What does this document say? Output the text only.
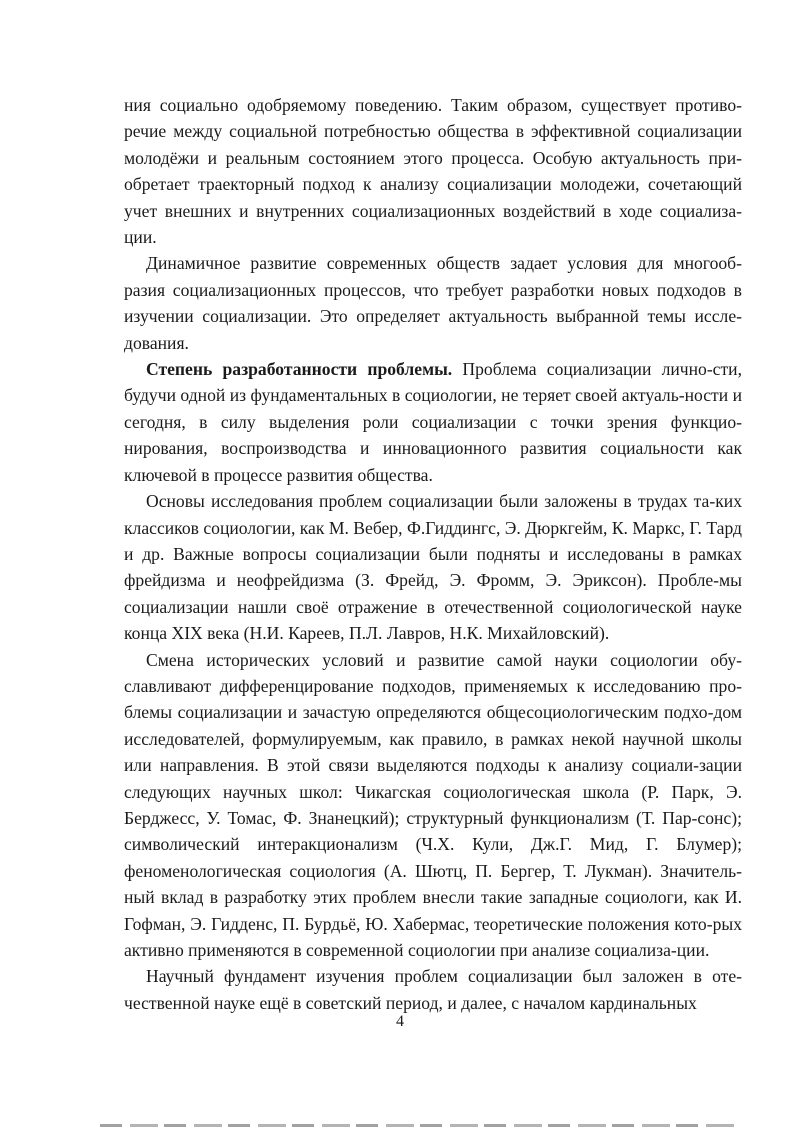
ния социально одобряемому поведению. Таким образом, существует противо-речие между социальной потребностью общества в эффективной социализации молодёжи и реальным состоянием этого процесса. Особую актуальность при-обретает траекторный подход к анализу социализации молодежи, сочетающий учет внешних и внутренних социализационных воздействий в ходе социализа-ции.

Динамичное развитие современных обществ задает условия для многооб-разия социализационных процессов, что требует разработки новых подходов в изучении социализации. Это определяет актуальность выбранной темы иссле-дования.

Степень разработанности проблемы. Проблема социализации лично-сти, будучи одной из фундаментальных в социологии, не теряет своей актуаль-ности и сегодня, в силу выделения роли социализации с точки зрения функцио-нирования, воспроизводства и инновационного развития социальности как ключевой в процессе развития общества.

Основы исследования проблем социализации были заложены в трудах та-ких классиков социологии, как М. Вебер, Ф.Гиддингс, Э. Дюркгейм, К. Маркс, Г. Тард и др. Важные вопросы социализации были подняты и исследованы в рамках фрейдизма и неофрейдизма (З. Фрейд, Э. Фромм, Э. Эриксон). Пробле-мы социализации нашли своё отражение в отечественной социологической науке конца XIX века (Н.И. Кареев, П.Л. Лавров, Н.К. Михайловский).

Смена исторических условий и развитие самой науки социологии обу-славливают дифференцирование подходов, применяемых к исследованию про-блемы социализации и зачастую определяются общесоциологическим подхо-дом исследователей, формулируемым, как правило, в рамках некой научной школы или направления. В этой связи выделяются подходы к анализу социали-зации следующих научных школ: Чикагская социологическая школа (Р. Парк, Э. Берджесс, У. Томас, Ф. Знанецкий); структурный функционализм (Т. Пар-сонс); символический интеракционализм (Ч.Х. Кули, Дж.Г. Мид, Г. Блумер); феноменологическая социология (А. Шютц, П. Бергер, Т. Лукман). Значитель-ный вклад в разработку этих проблем внесли такие западные социологи, как И. Гофман, Э. Гидденс, П. Бурдьё, Ю. Хабермас, теоретические положения кото-рых активно применяются в современной социологии при анализе социализа-ции.

Научный фундамент изучения проблем социализации был заложен в оте-чественной науке ещё в советский период, и далее, с началом кардинальных

4
